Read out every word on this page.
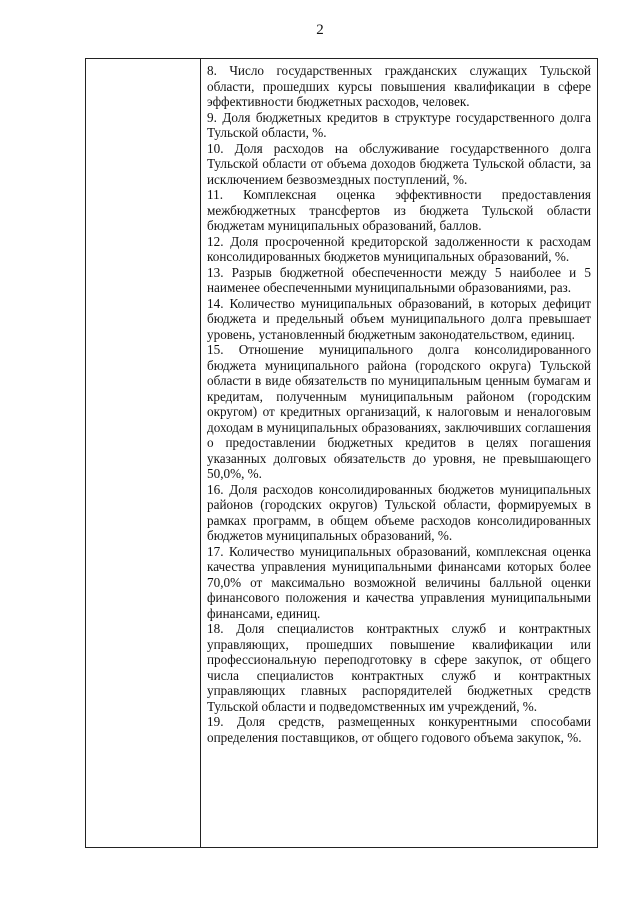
2

8. Число государственных гражданских служащих Тульской области, прошедших курсы повышения квалификации в сфере эффективности бюджетных расходов, человек.

9. Доля бюджетных кредитов в структуре государственного долга Тульской области, %.

10. Доля расходов на обслуживание государственного долга Тульской области от объема доходов бюджета Тульской области, за исключением безвозмездных поступлений, %.

11. Комплексная оценка эффективности предоставления межбюджетных трансфертов из бюджета Тульской области бюджетам муниципальных образований, баллов.

12. Доля просроченной кредиторской задолженности к расходам консолидированных бюджетов муниципальных образований, %.

13. Разрыв бюджетной обеспеченности между 5 наиболее и 5 наименее обеспеченными муниципальными образованиями, раз.

14. Количество муниципальных образований, в которых дефицит бюджета и предельный объем муниципального долга превышает уровень, установленный бюджетным законодательством, единиц.

15. Отношение муниципального долга консолидированного бюджета муниципального района (городского округа) Тульской области в виде обязательств по муниципальным ценным бумагам и кредитам, полученным муниципальным районом (городским округом) от кредитных организаций, к налоговым и неналоговым доходам в муниципальных образованиях, заключивших соглашения о предоставлении бюджетных кредитов в целях погашения указанных долговых обязательств до уровня, не превышающего 50,0%, %.

16. Доля расходов консолидированных бюджетов муниципальных районов (городских округов) Тульской области, формируемых в рамках программ, в общем объеме расходов консолидированных бюджетов муниципальных образований, %.

17. Количество муниципальных образований, комплексная оценка качества управления муниципальными финансами которых более 70,0% от максимально возможной величины балльной оценки финансового положения и качества управления муниципальными финансами, единиц.

18. Доля специалистов контрактных служб и контрактных управляющих, прошедших повышение квалификации или профессиональную переподготовку в сфере закупок, от общего числа специалистов контрактных служб и контрактных управляющих главных распорядителей бюджетных средств Тульской области и подведомственных им учреждений, %.

19. Доля средств, размещенных конкурентными способами определения поставщиков, от общего годового объема закупок, %.
